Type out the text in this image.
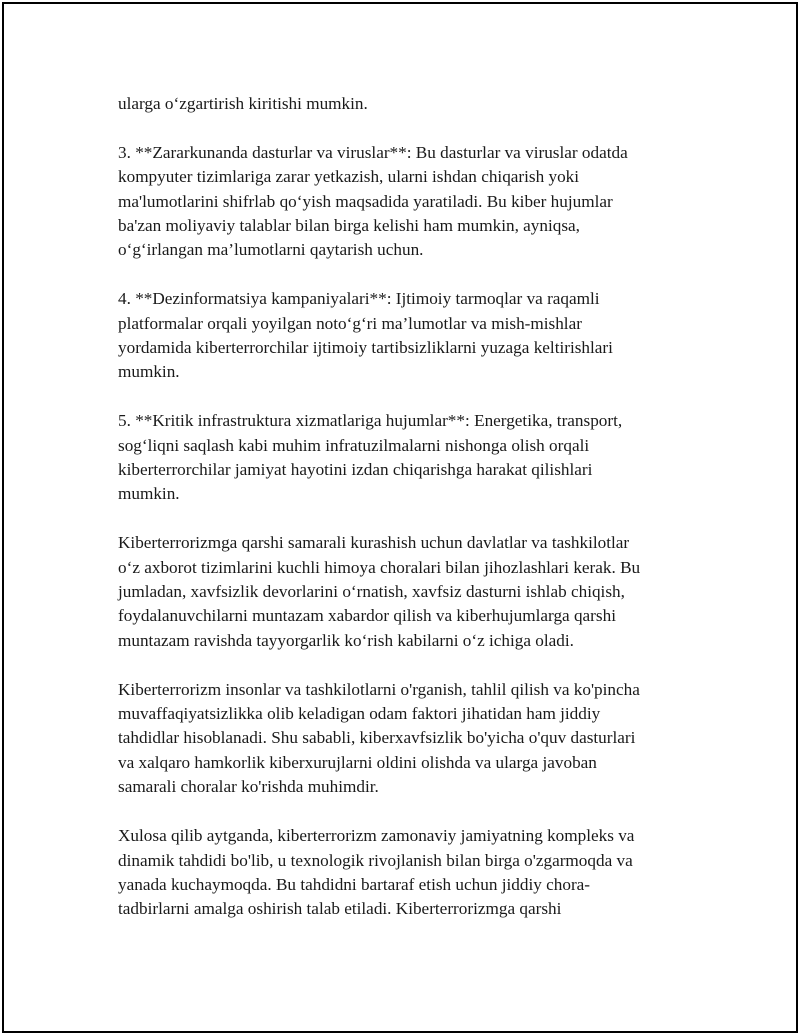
ularga o‘zgartirish kiritishi mumkin.

3. **Zararkunanda dasturlar va viruslar**: Bu dasturlar va viruslar odatda
kompyuter tizimlariga zarar yetkazish, ularni ishdan chiqarish yoki
ma'lumotlarini shifrlab qo‘yish maqsadida yaratiladi. Bu kiber hujumlar
ba'zan moliyaviy talablar bilan birga kelishi ham mumkin, ayniqsa,
o‘g‘irlangan ma’lumotlarni qaytarish uchun.

4. **Dezinformatsiya kampaniyalari**: Ijtimoiy tarmoqlar va raqamli
platformalar orqali yoyilgan noto‘g‘ri ma’lumotlar va mish-mishlar
yordamida kiberterrorchilar ijtimoiy tartibsizliklarni yuzaga keltirishlari
mumkin.

5. **Kritik infrastruktura xizmatlariga hujumlar**: Energetika, transport,
sog‘liqni saqlash kabi muhim infratuzilmalarni nishonga olish orqali
kiberterrorchilar jamiyat hayotini izdan chiqarishga harakat qilishlari
mumkin.

Kiberterrorizmga qarshi samarali kurashish uchun davlatlar va tashkilotlar
o‘z axborot tizimlarini kuchli himoya choralari bilan jihozlashlari kerak. Bu
jumladan, xavfsizlik devorlarini o‘rnatish, xavfsiz dasturni ishlab chiqish,
foydalanuvchilarni muntazam xabardor qilish va kiberhujumlarga qarshi
muntazam ravishda tayyorgarlik ko‘rish kabilarni o‘z ichiga oladi.

Kiberterrorizm insonlar va tashkilotlarni o'rganish, tahlil qilish va ko'pincha
muvaffaqiyatsizlikka olib keladigan odam faktori jihatidan ham jiddiy
tahdidlar hisoblanadi. Shu sababli, kiberxavfsizlik bo'yicha o'quv dasturlari
va xalqaro hamkorlik kiberxurujlarni oldini olishda va ularga javoban
samarali choralar ko'rishda muhimdir.

Xulosa qilib aytganda, kiberterrorizm zamonaviy jamiyatning kompleks va
dinamik tahdidi bo'lib, u texnologik rivojlanish bilan birga o'zgarmoqda va
yanada kuchaymoqda. Bu tahdidni bartaraf etish uchun jiddiy chora-
tadbirlarni amalga oshirish talab etiladi. Kiberterrorizmga qarshi
